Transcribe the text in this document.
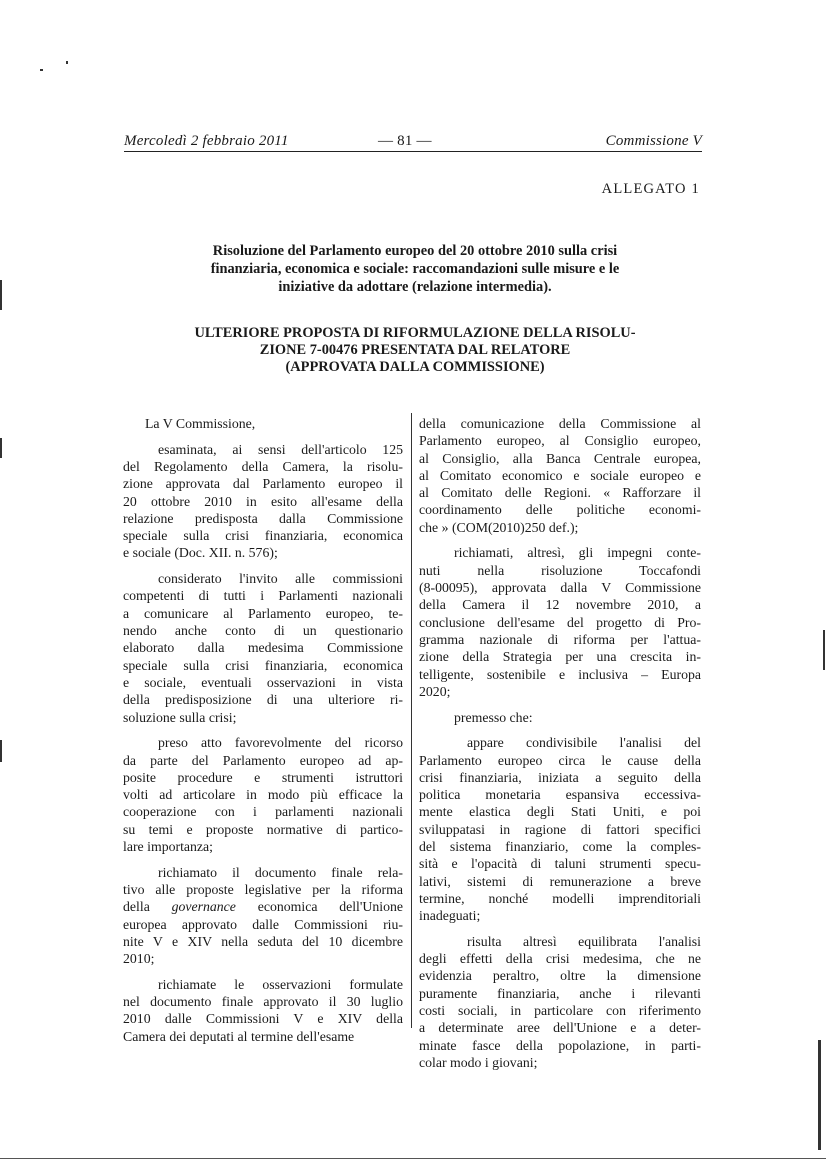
Mercoledì 2 febbraio 2011	— 81 —	Commissione V
ALLEGATO 1
Risoluzione del Parlamento europeo del 20 ottobre 2010 sulla crisi
finanziaria, economica e sociale: raccomandazioni sulle misure e le
iniziative da adottare (relazione intermedia).
ULTERIORE PROPOSTA DI RIFORMULAZIONE DELLA RISOLU-
ZIONE 7-00476 PRESENTATA DAL RELATORE
(APPROVATA DALLA COMMISSIONE)
La V Commissione,
esaminata, ai sensi dell'articolo 125
del Regolamento della Camera, la risolu-
zione approvata dal Parlamento europeo il
20 ottobre 2010 in esito all'esame della
relazione predisposta dalla Commissione
speciale sulla crisi finanziaria, economica
e sociale (Doc. XII. n. 576);
considerato l'invito alle commissioni
competenti di tutti i Parlamenti nazionali
a comunicare al Parlamento europeo, te-
nendo anche conto di un questionario
elaborato dalla medesima Commissione
speciale sulla crisi finanziaria, economica
e sociale, eventuali osservazioni in vista
della predisposizione di una ulteriore ri-
soluzione sulla crisi;
preso atto favorevolmente del ricorso
da parte del Parlamento europeo ad ap-
posite procedure e strumenti istruttori
volti ad articolare in modo più efficace la
cooperazione con i parlamenti nazionali
su temi e proposte normative di partico-
lare importanza;
richiamato il documento finale rela-
tivo alle proposte legislative per la riforma
della governance economica dell'Unione
europea approvato dalle Commissioni riu-
nite V e XIV nella seduta del 10 dicembre
2010;
richiamate le osservazioni formulate
nel documento finale approvato il 30 luglio
2010 dalle Commissioni V e XIV della
Camera dei deputati al termine dell'esame
della comunicazione della Commissione al
Parlamento europeo, al Consiglio europeo,
al Consiglio, alla Banca Centrale europea,
al Comitato economico e sociale europeo e
al Comitato delle Regioni. « Rafforzare il
coordinamento delle politiche economi-
che » (COM(2010)250 def.);
richiamati, altresì, gli impegni conte-
nuti nella risoluzione Toccafondi
(8-00095), approvata dalla V Commissione
della Camera il 12 novembre 2010, a
conclusione dell'esame del progetto di Pro-
gramma nazionale di riforma per l'attua-
zione della Strategia per una crescita in-
telligente, sostenibile e inclusiva – Europa
2020;
premesso che:
appare condivisibile l'analisi del
Parlamento europeo circa le cause della
crisi finanziaria, iniziata a seguito della
politica monetaria espansiva eccessiva-
mente elastica degli Stati Uniti, e poi
sviluppatasi in ragione di fattori specifici
del sistema finanziario, come la comples-
sità e l'opacità di taluni strumenti specu-
lativi, sistemi di remunerazione a breve
termine, nonché modelli imprenditoriali
inadeguati;
risulta altresì equilibrata l'analisi
degli effetti della crisi medesima, che ne
evidenzia peraltro, oltre la dimensione
puramente finanziaria, anche i rilevanti
costi sociali, in particolare con riferimento
a determinate aree dell'Unione e a deter-
minate fasce della popolazione, in parti-
colar modo i giovani;
